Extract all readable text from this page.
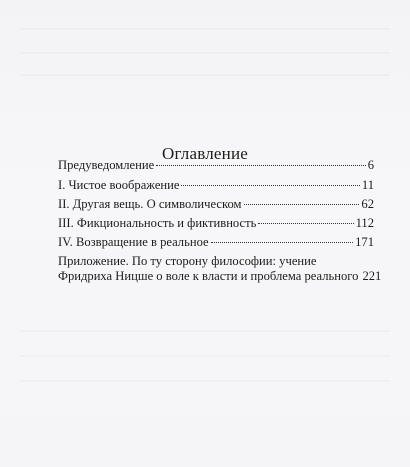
Оглавление
Предуведомление	6
I. Чистое воображение	11
II. Другая вещь. О символическом	62
III. Фикциональность и фиктивность	112
IV. Возвращение в реальное	171
Приложение. По ту сторону философии: учение
Фридриха Ницше о воле к власти и проблема реального 221
